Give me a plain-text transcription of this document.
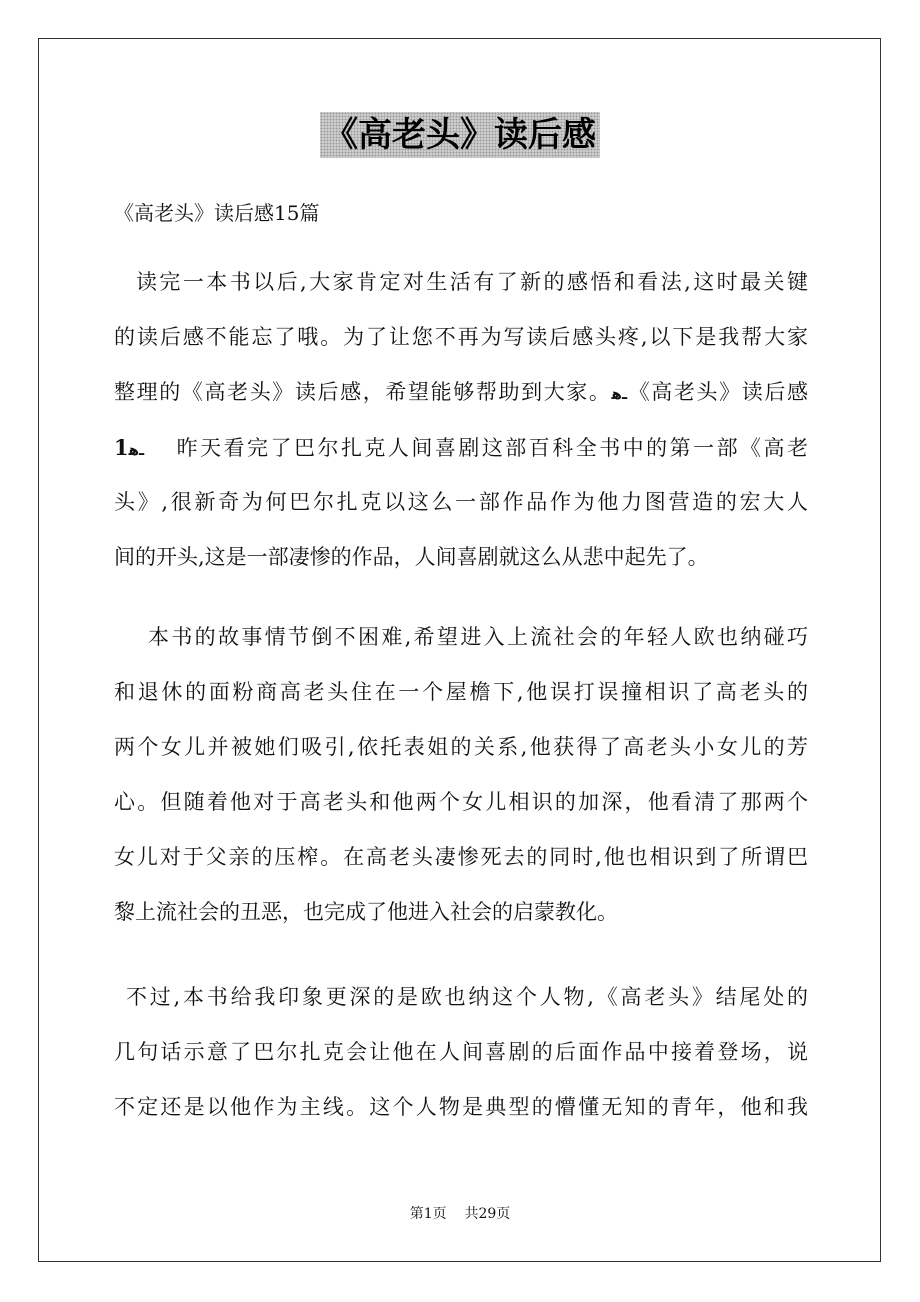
《高老头》读后感
《高老头》读后感15篇
读完一本书以后,大家肯定对生活有了新的感悟和看法,这时最关键
的读后感不能忘了哦。为了让您不再为写读后感头疼,以下是我帮大家
整理的《高老头》读后感，希望能够帮助到大家。ـﻫ《高老头》读后感
1ـﻫ 昨天看完了巴尔扎克人间喜剧这部百科全书中的第一部《高老
头》,很新奇为何巴尔扎克以这么一部作品作为他力图营造的宏大人
间的开头,这是一部凄惨的作品，人间喜剧就这么从悲中起先了。
本书的故事情节倒不困难,希望进入上流社会的年轻人欧也纳碰巧
和退休的面粉商高老头住在一个屋檐下,他误打误撞相识了高老头的
两个女儿并被她们吸引,依托表姐的关系,他获得了高老头小女儿的芳
心。但随着他对于高老头和他两个女儿相识的加深，他看清了那两个
女儿对于父亲的压榨。在高老头凄惨死去的同时,他也相识到了所谓巴
黎上流社会的丑恶，也完成了他进入社会的启蒙教化。
不过,本书给我印象更深的是欧也纳这个人物,《高老头》结尾处的
几句话示意了巴尔扎克会让他在人间喜剧的后面作品中接着登场，说
不定还是以他作为主线。这个人物是典型的懵懂无知的青年，他和我
第1页 共29页
